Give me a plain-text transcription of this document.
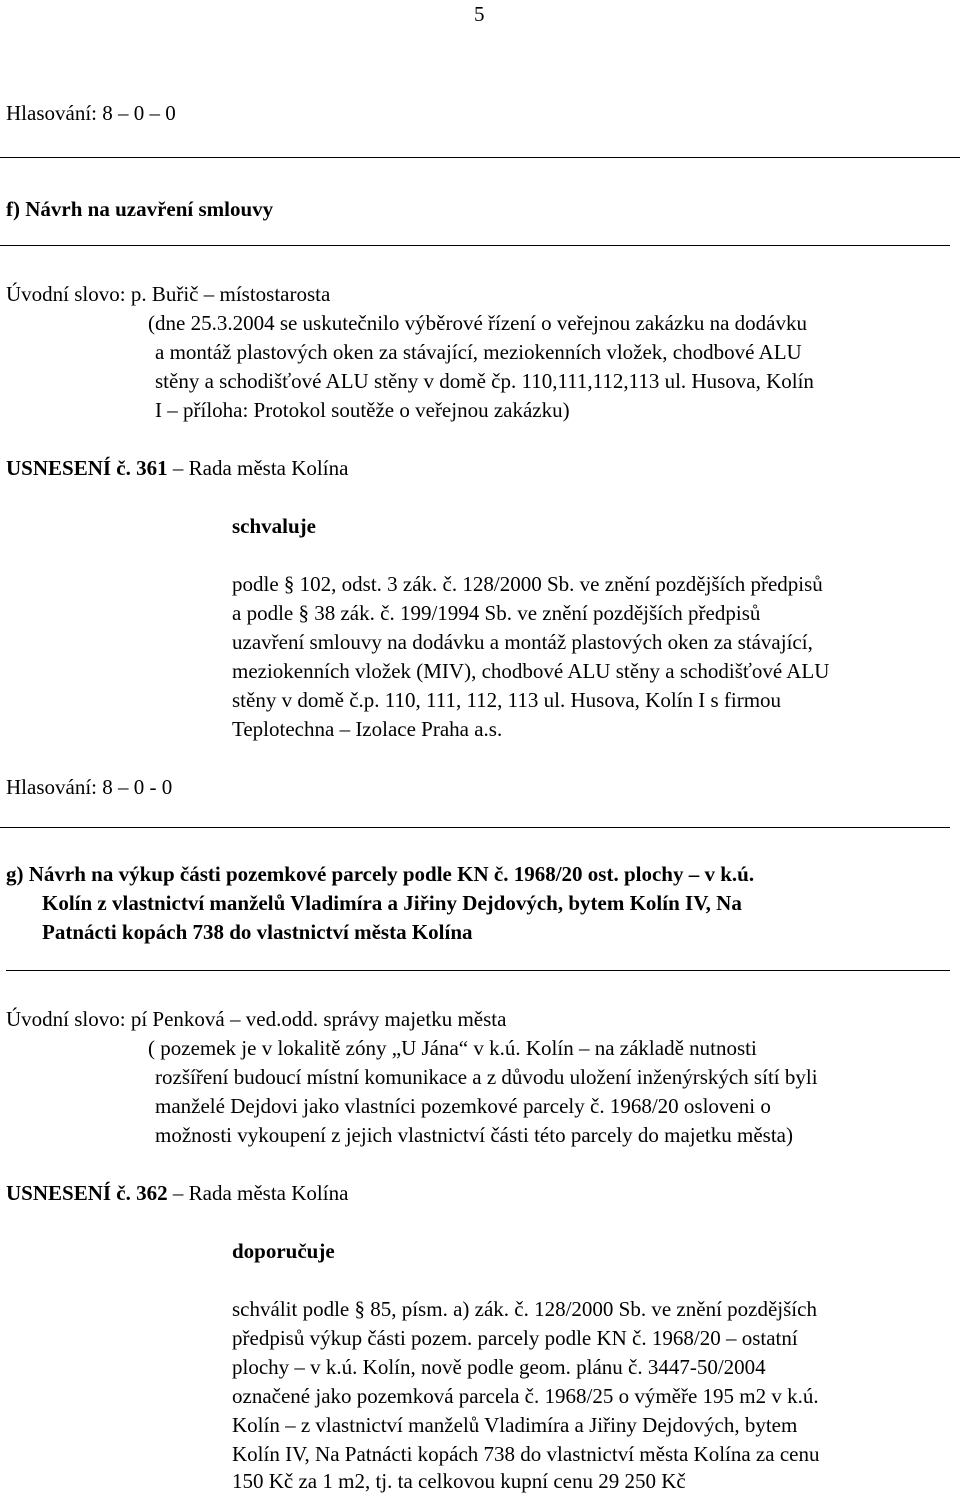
5
Hlasování: 8 – 0 – 0
f) Návrh na uzavření smlouvy
Úvodní slovo: p. Buřič – místostarosta
(dne 25.3.2004 se uskutečnilo výběrové řízení o veřejnou zakázku na dodávku
a montáž plastových oken za stávající, meziokenních vložek, chodbové ALU
stěny a schodišťové ALU stěny v domě čp. 110,111,112,113 ul. Husova, Kolín
I – příloha: Protokol soutěže o veřejnou zakázku)
USNESENÍ č. 361 – Rada města Kolína
schvaluje
podle § 102, odst. 3 zák. č. 128/2000 Sb. ve znění pozdějších předpisů
a podle § 38 zák. č. 199/1994 Sb. ve znění pozdějších předpisů
uzavření smlouvy na dodávku a montáž plastových oken za stávající,
meziokenních vložek (MIV), chodbové ALU stěny a schodišťové ALU
stěny v domě č.p. 110, 111, 112, 113 ul. Husova, Kolín I s firmou
Teplotechna – Izolace Praha a.s.
Hlasování: 8 – 0 - 0
g) Návrh na výkup části pozemkové parcely podle KN č. 1968/20 ost. plochy – v k.ú.
Kolín z vlastnictví manželů Vladimíra a Jiřiny Dejdových, bytem Kolín IV, Na
Patnácti kopách 738 do vlastnictví města Kolína
Úvodní slovo: pí Penková – ved.odd. správy majetku města
( pozemek je v lokalitě zóny „U Jána“ v k.ú. Kolín – na základě nutnosti
rozšíření budoucí místní komunikace a z důvodu uložení inženýrských sítí byli
manželé Dejdovi jako vlastníci pozemkové parcely č. 1968/20 osloveni o
možnosti vykoupení z jejich vlastnictví části této parcely do majetku města)
USNESENÍ č. 362 – Rada města Kolína
doporučuje
schválit podle § 85, písm. a) zák. č. 128/2000 Sb. ve znění pozdějších
předpisů výkup části pozem. parcely podle KN č. 1968/20 – ostatní
plochy – v k.ú. Kolín, nově podle geom. plánu č. 3447-50/2004
označené jako pozemková parcela č. 1968/25 o výměře 195 m2 v k.ú.
Kolín – z vlastnictví manželů Vladimíra a Jiřiny Dejdových, bytem
Kolín IV, Na Patnácti kopách 738 do vlastnictví města Kolína za cenu
150 Kč za 1 m2, tj. ta celkovou kupní cenu 29 250 Kč
